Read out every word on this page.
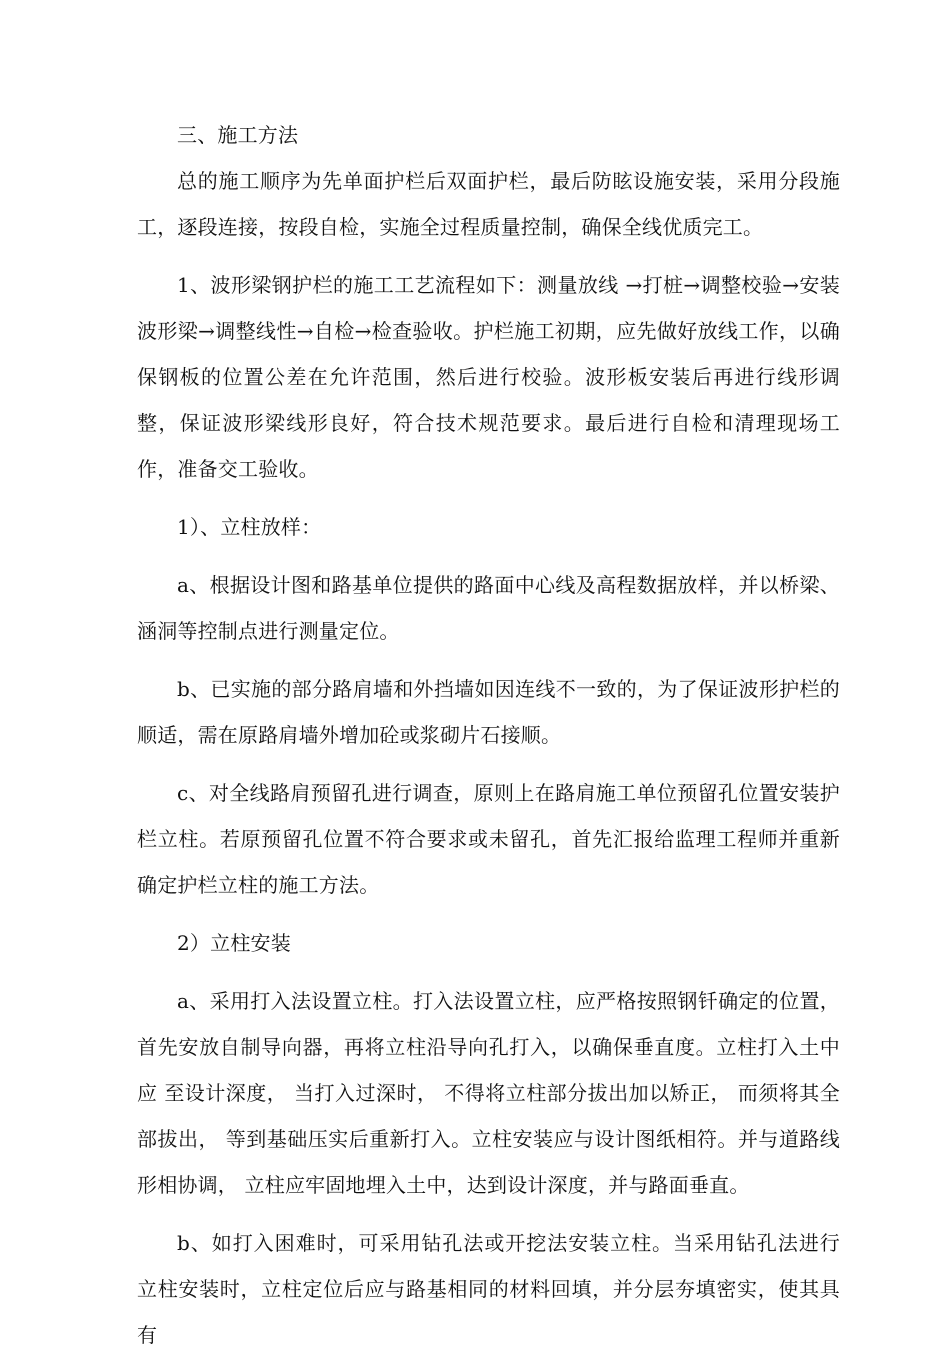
三、施工方法

总的施工顺序为先单面护栏后双面护栏，最后防眩设施安装，采用分段施工，逐段连接，按段自检，实施全过程质量控制，确保全线优质完工。

1、波形梁钢护栏的施工工艺流程如下：测量放线 →打桩→调整校验→安装波形梁→调整线性→自检→检查验收。护栏施工初期，应先做好放线工作，以确保钢板的位置公差在允许范围，然后进行校验。波形板安装后再进行线形调整，保证波形梁线形良好，符合技术规范要求。最后进行自检和清理现场工作，准备交工验收。

1）、立柱放样：

a、根据设计图和路基单位提供的路面中心线及高程数据放样，并以桥梁、涵洞等控制点进行测量定位。

b、已实施的部分路肩墙和外挡墙如因连线不一致的，为了保证波形护栏的顺适，需在原路肩墙外增加砼或浆砌片石接顺。

c、对全线路肩预留孔进行调查，原则上在路肩施工单位预留孔位置安装护栏立柱。若原预留孔位置不符合要求或未留孔，首先汇报给监理工程师并重新确定护栏立柱的施工方法。

2）立柱安装

a、采用打入法设置立柱。打入法设置立柱，应严格按照钢钎确定的位置，首先安放自制导向器，再将立柱沿导向孔打入，以确保垂直度。立柱打入土中应 至设计深度， 当打入过深时， 不得将立柱部分拔出加以矫正， 而须将其全部拔出， 等到基础压实后重新打入。立柱安装应与设计图纸相符。并与道路线形相协调， 立柱应牢固地埋入土中，达到设计深度，并与路面垂直。

b、如打入困难时，可采用钻孔法或开挖法安装立柱。当采用钻孔法进行 立柱安装时，立柱定位后应与路基相同的材料回填，并分层夯填密实，使其具有
